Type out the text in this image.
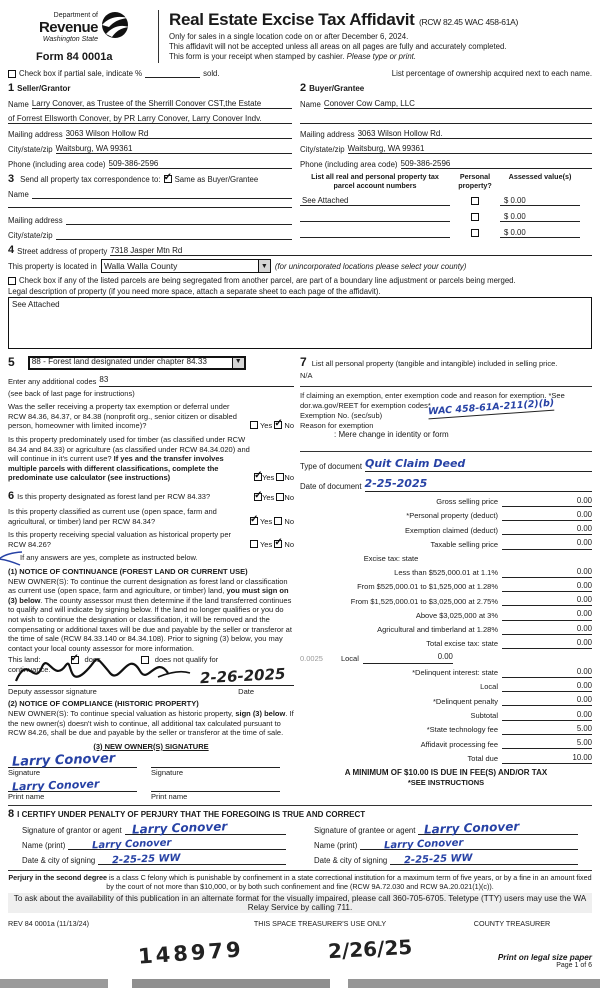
Department of
Revenue
Washington State
Form 84 0001a
Real Estate Excise Tax Affidavit (RCW 82.45 WAC 458-61A)
Only for sales in a single location code on or after December 6, 2024.
This affidavit will not be accepted unless all areas on all pages are fully and accurately completed.
This form is your receipt when stamped by cashier. Please type or print.
Check box if partial sale, indicate %	sold.	List percentage of ownership acquired next to each name.
1 Seller/Grantor
Name Larry Conover, as Trustee of the Sherrill Conover CST,the Estate
of Forrest Ellsworth Conover, by PR Larry Conover, Larry Conover Indv.
Mailing address 3063 Wilson Hollow Rd
City/state/zip Waitsburg, WA 99361
Phone (including area code) 509-386-2596
2 Buyer/Grantee
Name Conover Cow Camp, LLC

Mailing address 3063 Wilson Hollow Rd.
City/state/zip Waitsburg, WA 99361
Phone (including area code) 509-386-2596
3 Send all property tax correspondence to: ✓ Same as Buyer/Grantee
Name
Mailing address
City/state/zip
List all real and personal property tax parcel account numbers
Personal property?
Assessed value(s)
See Attached	$ 0.00

$ 0.00

$ 0.00
4 Street address of property 7318 Jasper Mtn Rd
This property is located in Walla Walla County	▼ (for unincorporated locations please select your county)
Check box if any of the listed parcels are being segregated from another parcel, are part of a boundary line adjustment or parcels being merged.
Legal description of property (if you need more space, attach a separate sheet to each page of the affidavit).
See Attached
5 88 - Forest land designated under chapter 84.33	▼
Enter any additional codes 83
(see back of last page for instructions)
Was the seller receiving a property tax exemption or deferral under RCW 84.36, 84.37, or 84.38 (nonprofit org., senior citizen or disabled person, homeowner with limited income)?	Yes ✓ No
Is this property predominately used for timber (as classified under RCW 84.34 and 84.33) or agriculture (as classified under RCW 84.34.020) and will continue in it's current use? If yes and the transfer involves multiple parcels with different classifications, complete the predominate use calculator (see instructions) ✓	Yes No
6 Is this property designated as forest land per RCW 84.33? ✓	Yes No
Is this property classified as current use (open space, farm and agricultural, or timber) land per RCW 84.34? ✓	Yes No
Is this property receiving special valuation as historical property per RCW 84.26?	Yes ✓ No
If any answers are yes, complete as instructed below.
(1) NOTICE OF CONTINUANCE (FOREST LAND OR CURRENT USE)
NEW OWNER(S): To continue the current designation as forest land or classification as current use (open space, farm and agriculture, or timber) land, you must sign on (3) below. The county assessor must then determine if the land transferred continues to qualify and will indicate by signing below. If the land no longer qualifies or you do not wish to continue the designation or classification, it will be removed and the compensating or additional taxes will be due and payable by the seller or transferor at the time of sale (RCW 84.33.140 or 84.34.108). Prior to signing (3) below, you may contact your local county assessor for more information.
This land: ✓	does	does not qualify for
continuance.	2-26-2025
Deputy assessor signature	Date
(2) NOTICE OF COMPLIANCE (HISTORIC PROPERTY)
NEW OWNER(S): To continue special valuation as historic property, sign (3) below. If the new owner(s) doesn't wish to continue, all additional tax calculated pursuant to RCW 84.26, shall be due and payable by the seller or transferor at the time of sale.
(3) NEW OWNER(S) SIGNATURE
Larry Conover
Signature
Larry Conover
Print name
Signature
Print name
7 List all personal property (tangible and intangible) included in selling price.
N/A
If claiming an exemption, enter exemption code and reason for exemption. *See dor.wa.gov/REET for exemption codes*
Exemption No. (sec/sub)	WAC 458-61A-211(2)(b)
Reason for exemption
: Mere change in identity or form
Type of document Quit Claim Deed
Date of document 2-25-2025
Gross selling price	0.00
*Personal property (deduct)	0.00
Exemption claimed (deduct)	0.00
Taxable selling price	0.00
Excise tax: state
Less than $525,000.01 at 1.1%	0.00
From $525,000.01 to $1,525,000 at 1.28%	0.00
From $1,525,000.01 to $3,025,000 at 2.75%	0.00
Above $3,025,000 at 3%	0.00
Agricultural and timberland at 1.28%	0.00
Total excise tax: state	0.00
0.0025	Local	0.00
*Delinquent interest: state	0.00
Local	0.00
*Delinquent penalty	0.00
Subtotal	0.00
*State technology fee	5.00
Affidavit processing fee	5.00
Total due	10.00
A MINIMUM OF $10.00 IS DUE IN FEE(S) AND/OR TAX
*SEE INSTRUCTIONS
8 I CERTIFY UNDER PENALTY OF PERJURY THAT THE FOREGOING IS TRUE AND CORRECT
Signature of grantor or agent Larry Conover
Name (print)	Larry Conover
Date & city of signing 2-25-25 WW
Signature of grantee or agent Larry Conover
Name (print)	Larry Conover
Date & city of signing 2-25-25 WW
Perjury in the second degree is a class C felony which is punishable by confinement in a state correctional institution for a maximum term of five years, or by a fine in an amount fixed by the court of not more than $10,000, or by both such confinement and fine (RCW 9A.72.030 and RCW 9A.20.021(1)(c)).
To ask about the availability of this publication in an alternate format for the visually impaired, please call 360-705-6705. Teletype (TTY) users may use the WA Relay Service by calling 711.
REV 84 0001a (11/13/24)	THIS SPACE TREASURER'S USE ONLY	COUNTY TREASURER
148979	2/26/25	Print on legal size paper
Page 1 of 6
